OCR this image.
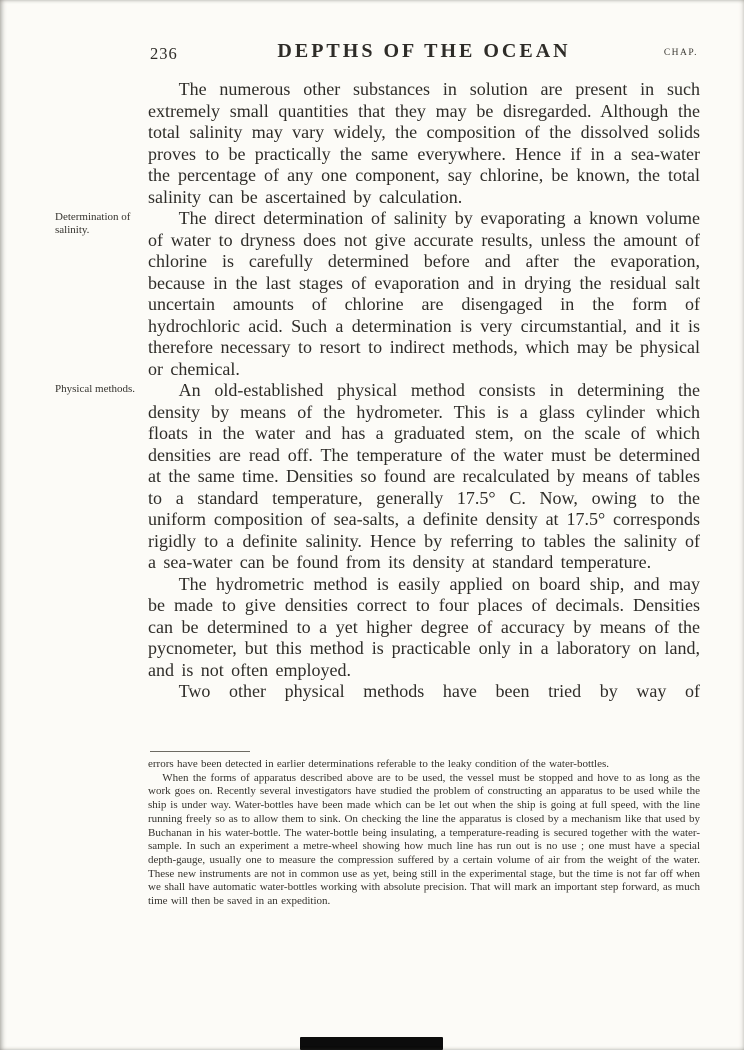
236	DEPTHS OF THE OCEAN	CHAP.

The numerous other substances in solution are present in such extremely small quantities that they may be disregarded. Although the total salinity may vary widely, the composition of the dissolved solids proves to be practically the same everywhere. Hence if in a sea-water the percentage of any one component, say chlorine, be known, the total salinity can be ascertained by calculation.

Determination of salinity.

The direct determination of salinity by evaporating a known volume of water to dryness does not give accurate results, unless the amount of chlorine is carefully determined before and after the evaporation, because in the last stages of evaporation and in drying the residual salt uncertain amounts of chlorine are disengaged in the form of hydrochloric acid. Such a determination is very circumstantial, and it is therefore necessary to resort to indirect methods, which may be physical or chemical.

Physical methods.	An old-established physical method consists in determining the density by means of the hydrometer. This is a glass cylinder which floats in the water and has a graduated stem, on the scale of which densities are read off. The temperature of the water must be determined at the same time. Densities so found are recalculated by means of tables to a standard temperature, generally 17.5° C. Now, owing to the uniform composition of sea-salts, a definite density at 17.5° corresponds rigidly to a definite salinity. Hence by referring to tables the salinity of a sea-water can be found from its density at standard temperature.

The hydrometric method is easily applied on board ship, and may be made to give densities correct to four places of decimals. Densities can be determined to a yet higher degree of accuracy by means of the pycnometer, but this method is practicable only in a laboratory on land, and is not often employed.

Two other physical methods have been tried by way of

errors have been detected in earlier determinations referable to the leaky condition of the water-bottles.

When the forms of apparatus described above are to be used, the vessel must be stopped and hove to as long as the work goes on. Recently several investigators have studied the problem of constructing an apparatus to be used while the ship is under way. Water-bottles have been made which can be let out when the ship is going at full speed, with the line running freely so as to allow them to sink. On checking the line the apparatus is closed by a mechanism like that used by Buchanan in his water-bottle. The water-bottle being insulating, a temperature-reading is secured together with the water-sample. In such an experiment a metre-wheel showing how much line has run out is no use ; one must have a special depth-gauge, usually one to measure the compression suffered by a certain volume of air from the weight of the water. These new instruments are not in common use as yet, being still in the experimental stage, but the time is not far off when we shall have automatic water-bottles working with absolute precision. That will mark an important step forward, as much time will then be saved in an expedition.
